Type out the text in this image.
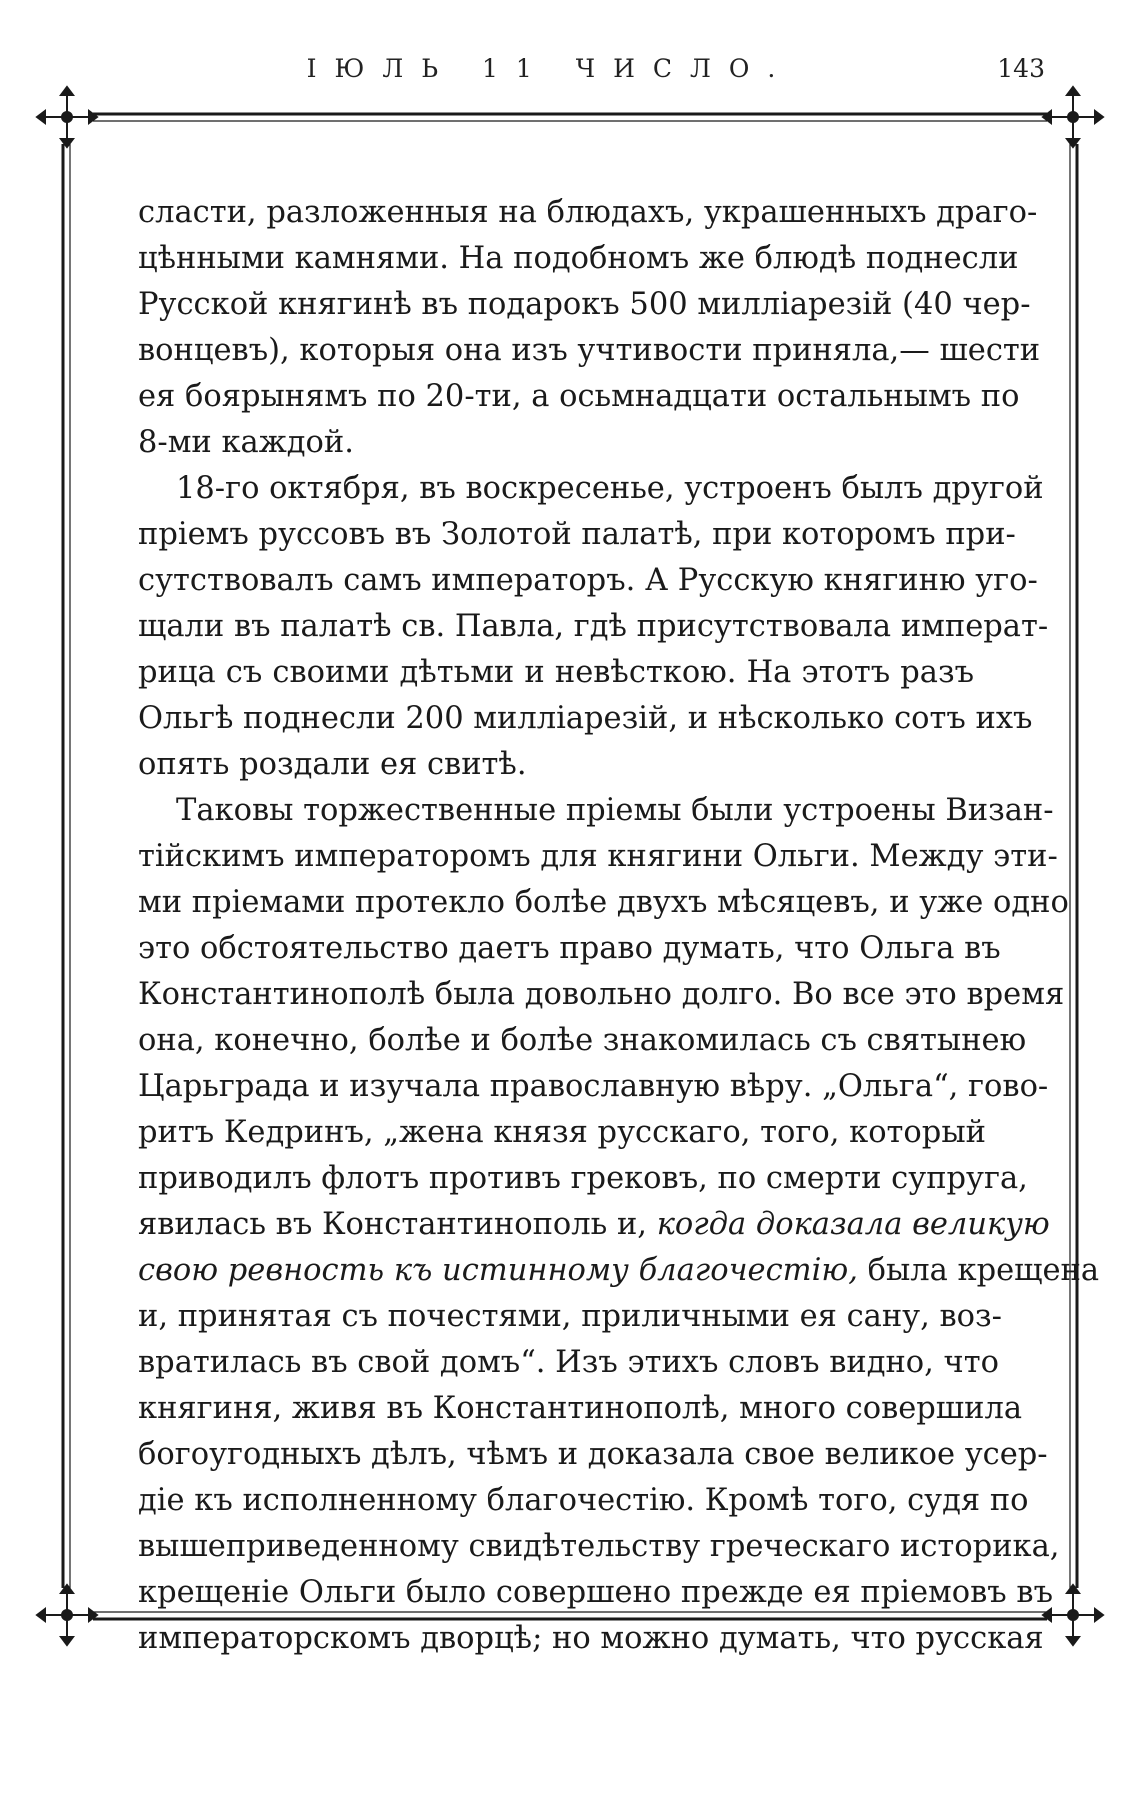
ІЮЛЬ 11 ЧИСЛО.	143

сласти, разложенныя на блюдахъ, украшенныхъ драго-
цѣнными камнями. На подобномъ же блюдѣ поднесли
Русской княгинѣ въ подарокъ 500 милліарезій (40 чер-
вонцевъ), которыя она изъ учтивости приняла,— шести
ея боярынямъ по 20-ти, а осьмнадцати остальнымъ по
8-ми каждой.

18-го октября, въ воскресенье, устроенъ былъ другой
пріемъ руссовъ въ Золотой палатѣ, при которомъ при-
сутствовалъ самъ императоръ. А Русскую княгиню уго-
щали въ палатѣ св. Павла, гдѣ присутствовала императ-
рица съ своими дѣтьми и невѣсткою. На этотъ разъ
Ольгѣ поднесли 200 милліарезій, и нѣсколько сотъ ихъ
опять роздали ея свитѣ.

Таковы торжественные пріемы были устроены Визан-
тійскимъ императоромъ для княгини Ольги. Между эти-
ми пріемами протекло болѣе двухъ мѣсяцевъ, и уже одно
это обстоятельство даетъ право думать, что Ольга въ
Константинополѣ была довольно долго. Во все это время
она, конечно, болѣе и болѣе знакомилась съ святынею
Царьграда и изучала православную вѣру. „Ольга“, гово-
ритъ Кедринъ, „жена князя русскаго, того, который
приводилъ флотъ противъ грековъ, по смерти супруга,
явилась въ Константинополь и, когда доказала великую
свою ревность къ истинному благочестію, была крещена
и, принятая съ почестями, приличными ея сану, воз-
вратилась въ свой домъ“. Изъ этихъ словъ видно, что
княгиня, живя въ Константинополѣ, много совершила
богоугодныхъ дѣлъ, чѣмъ и доказала свое великое усер-
діе къ исполненному благочестію. Кромѣ того, судя по
вышеприведенному свидѣтельству греческаго историка,
крещеніе Ольги было совершено прежде ея пріемовъ въ
императорскомъ дворцѣ; но можно думать, что русская
